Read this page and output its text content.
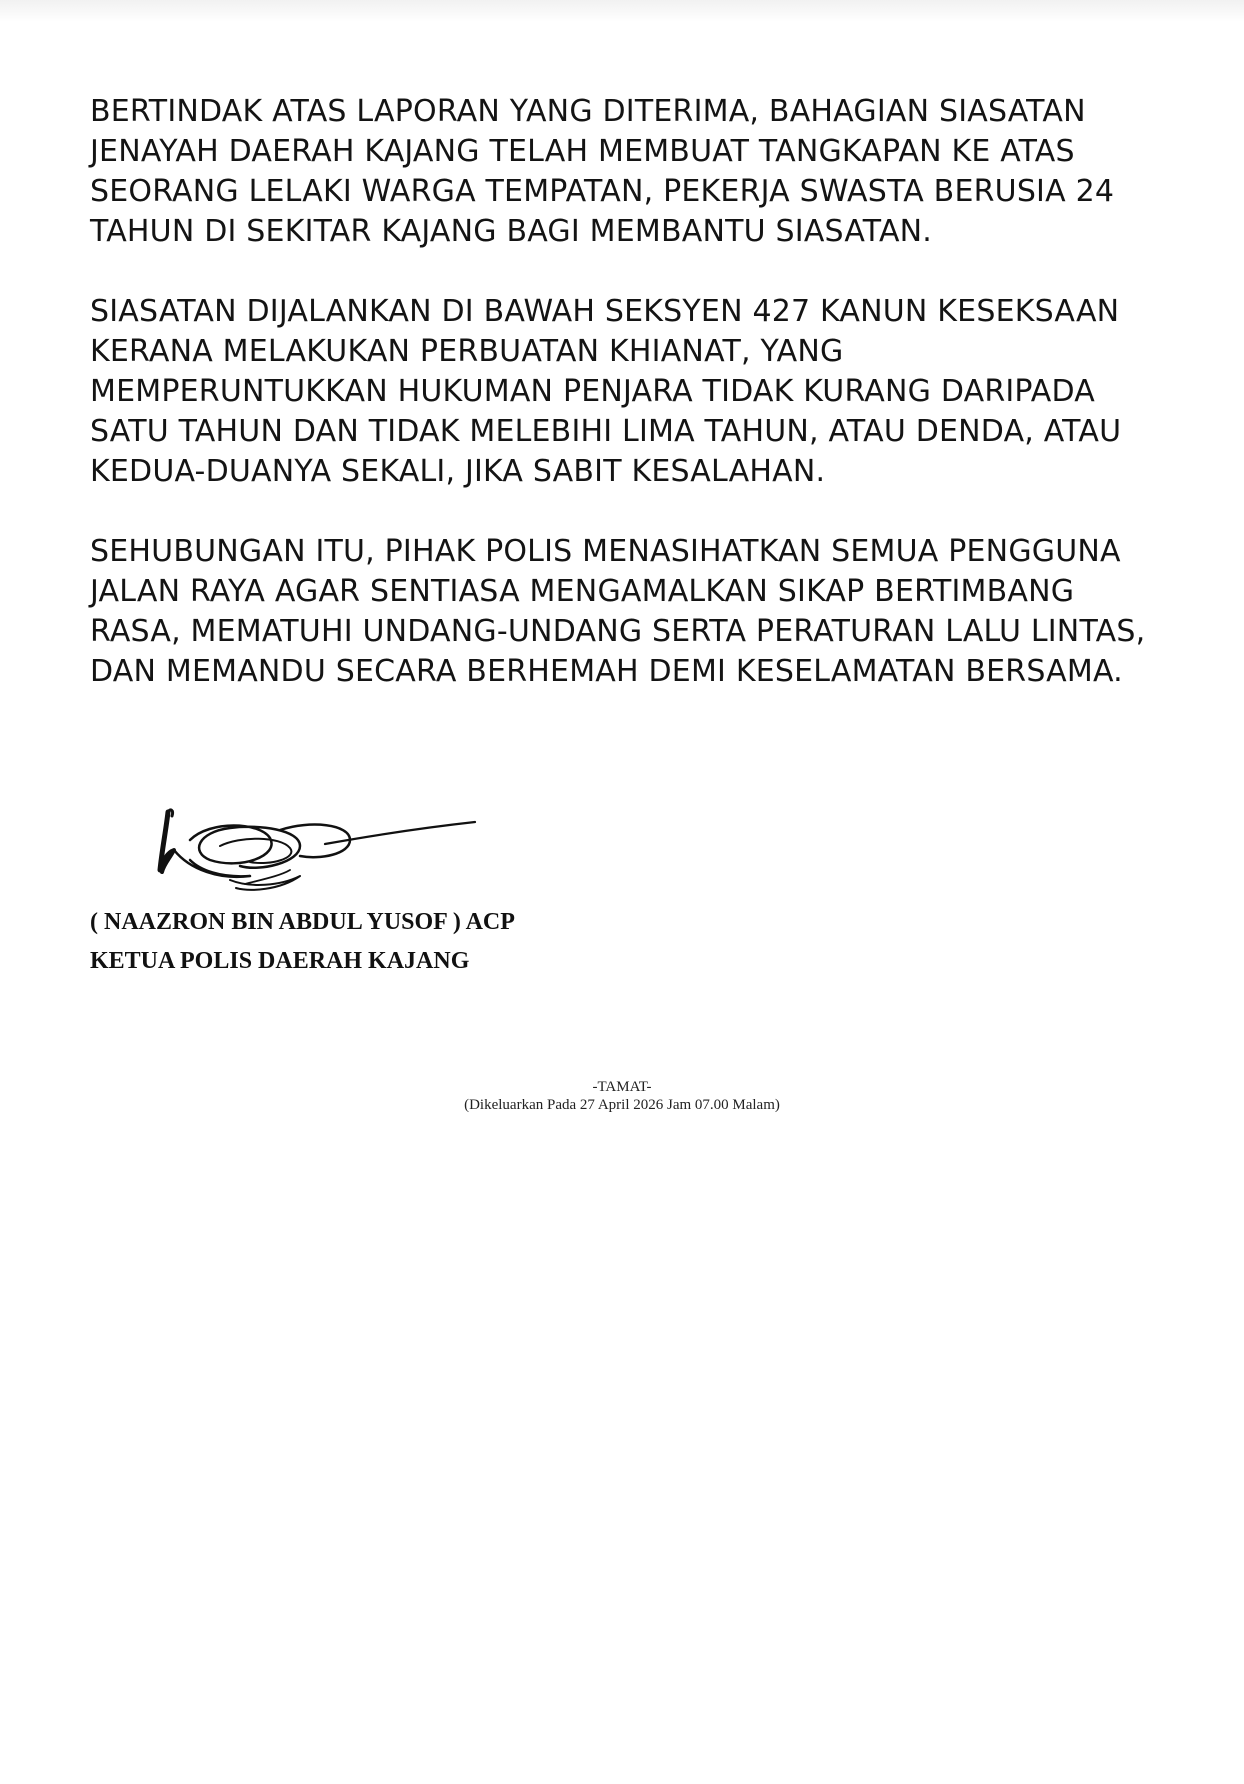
BERTINDAK ATAS LAPORAN YANG DITERIMA, BAHAGIAN SIASATAN
JENAYAH DAERAH KAJANG TELAH MEMBUAT TANGKAPAN KE ATAS
SEORANG LELAKI WARGA TEMPATAN, PEKERJA SWASTA BERUSIA 24
TAHUN DI SEKITAR KAJANG BAGI MEMBANTU SIASATAN.

SIASATAN DIJALANKAN DI BAWAH SEKSYEN 427 KANUN KESEKSAAN
KERANA MELAKUKAN PERBUATAN KHIANAT, YANG
MEMPERUNTUKKAN HUKUMAN PENJARA TIDAK KURANG DARIPADA
SATU TAHUN DAN TIDAK MELEBIHI LIMA TAHUN, ATAU DENDA, ATAU
KEDUA-DUANYA SEKALI, JIKA SABIT KESALAHAN.

SEHUBUNGAN ITU, PIHAK POLIS MENASIHATKAN SEMUA PENGGUNA
JALAN RAYA AGAR SENTIASA MENGAMALKAN SIKAP BERTIMBANG
RASA, MEMATUHI UNDANG-UNDANG SERTA PERATURAN LALU LINTAS,
DAN MEMANDU SECARA BERHEMAH DEMI KESELAMATAN BERSAMA.

( NAAZRON BIN ABDUL YUSOF ) ACP
KETUA POLIS DAERAH KAJANG
-TAMAT-
(Dikeluarkan Pada 27 April 2026 Jam 07.00 Malam)
